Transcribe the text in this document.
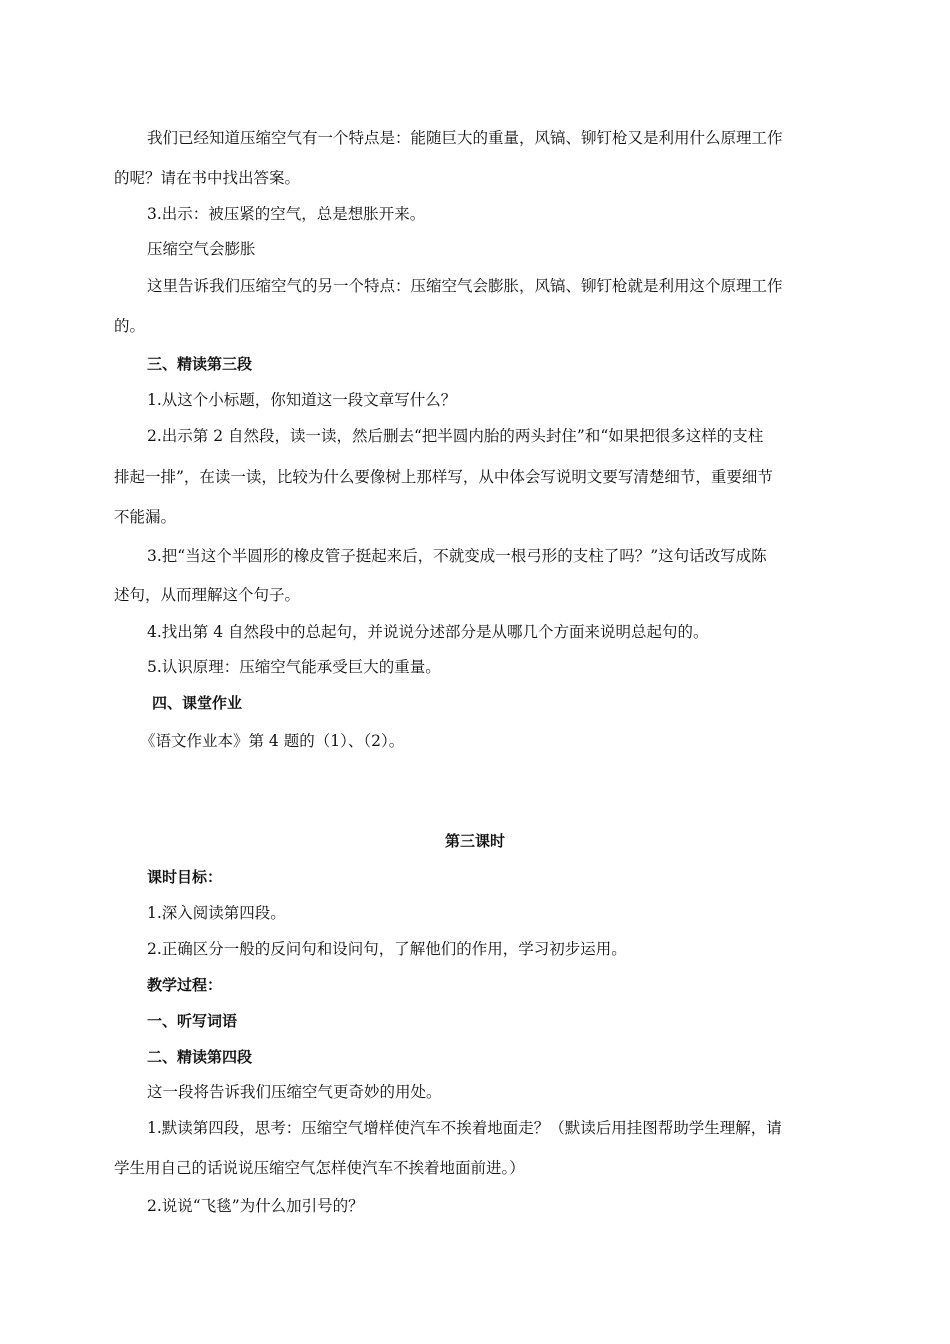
我们已经知道压缩空气有一个特点是：能随巨大的重量，风镐、铆钉枪又是利用什么原理工作
的呢？请在书中找出答案。
3.出示：被压紧的空气，总是想胀开来。
压缩空气会膨胀
这里告诉我们压缩空气的另一个特点：压缩空气会膨胀，风镐、铆钉枪就是利用这个原理工作
的。
三、精读第三段
1.从这个小标题，你知道这一段文章写什么？
2.出示第 2 自然段，读一读，然后删去“把半圆内胎的两头封住”和“如果把很多这样的支柱
排起一排”，在读一读，比较为什么要像树上那样写，从中体会写说明文要写清楚细节，重要细节
不能漏。
3.把“当这个半圆形的橡皮管子挺起来后，不就变成一根弓形的支柱了吗？”这句话改写成陈
述句，从而理解这个句子。
4.找出第 4 自然段中的总起句，并说说分述部分是从哪几个方面来说明总起句的。
5.认识原理：压缩空气能承受巨大的重量。
四、课堂作业
《语文作业本》第 4 题的（1）、（2）。
第三课时
课时目标：
1.深入阅读第四段。
2.正确区分一般的反问句和设问句，了解他们的作用，学习初步运用。
教学过程：
一、听写词语
二、精读第四段
这一段将告诉我们压缩空气更奇妙的用处。
1.默读第四段，思考：压缩空气增样使汽车不挨着地面走？（默读后用挂图帮助学生理解，请
学生用自己的话说说压缩空气怎样使汽车不挨着地面前进。）
2.说说“飞毯”为什么加引号的？
